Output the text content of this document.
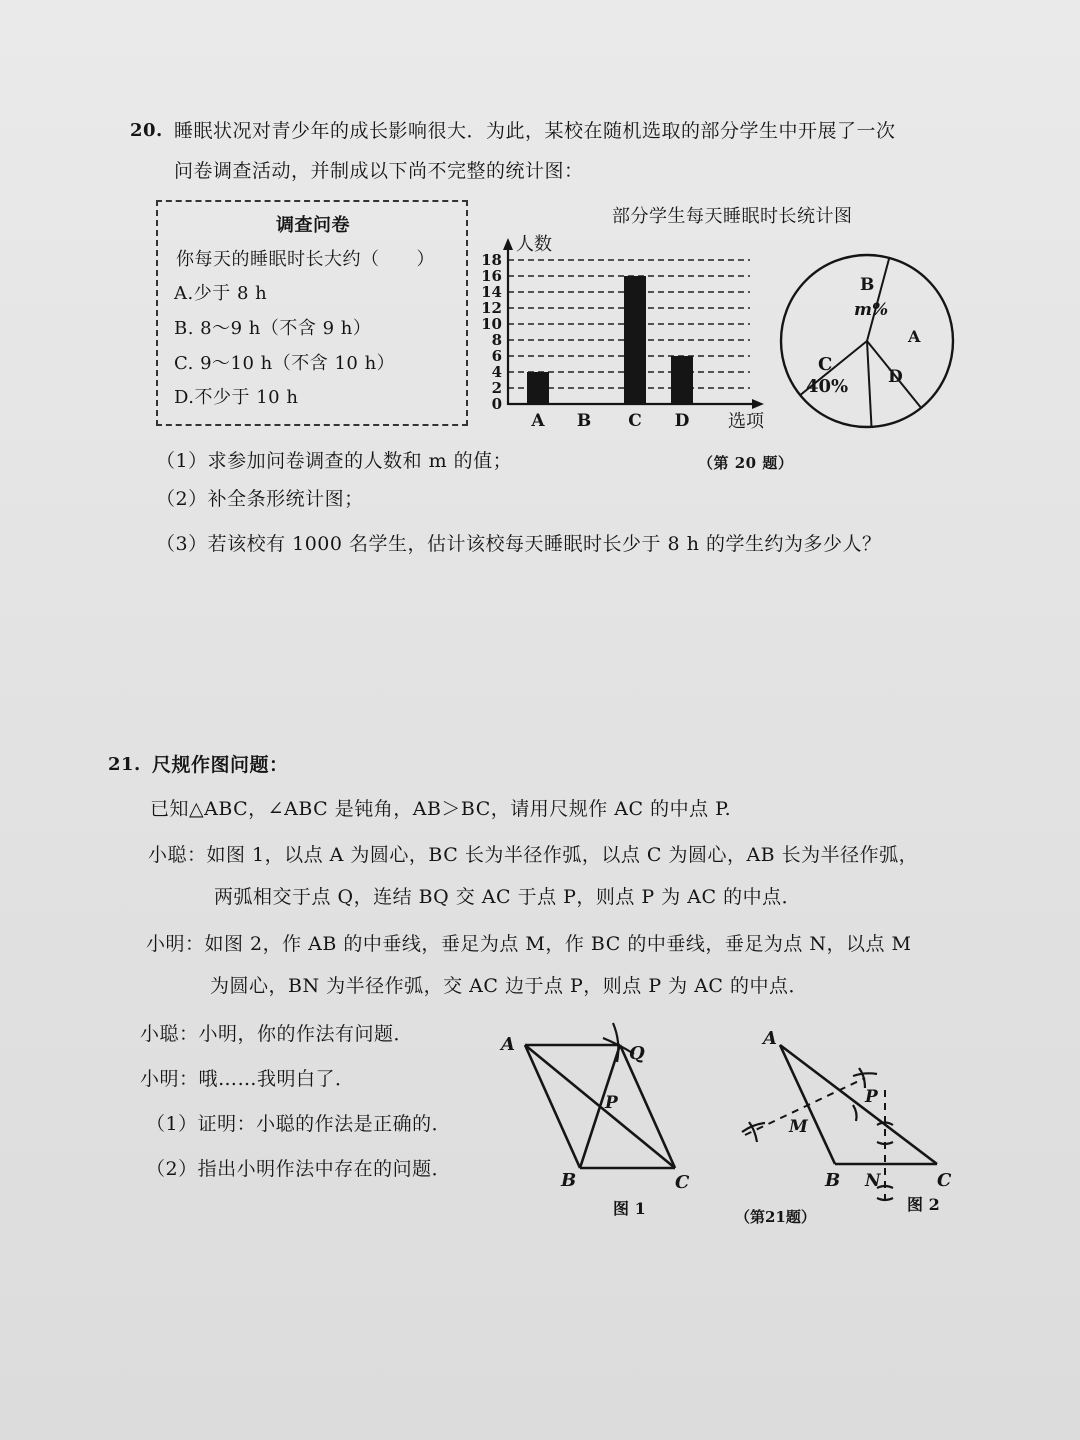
20. 睡眠状况对青少年的成长影响很大．为此，某校在随机选取的部分学生中开展了一次
问卷调查活动，并制成以下尚不完整的统计图：
调查问卷
你每天的睡眠时长大约（　　）
A.少于 8 h
B. 8～9 h（不含 9 h）
C. 9～10 h（不含 10 h）
D.不少于 10 h
部分学生每天睡眠时长统计图
0
2
4
6
8
10
12
14
16
18
A B C D
人数
选项
B
m%
A
D
C
40%
（1）求参加问卷调查的人数和 m 的值；	（第 20 题）
（2）补全条形统计图；
（3）若该校有 1000 名学生，估计该校每天睡眠时长少于 8 h 的学生约为多少人？
21. 尺规作图问题：
已知△ABC，∠ABC 是钝角，AB＞BC，请用尺规作 AC 的中点 P.
小聪：如图 1，以点 A 为圆心，BC 长为半径作弧，以点 C 为圆心，AB 长为半径作弧，
两弧相交于点 Q，连结 BQ 交 AC 于点 P，则点 P 为 AC 的中点．
小明：如图 2，作 AB 的中垂线，垂足为点 M，作 BC 的中垂线，垂足为点 N，以点 M
为圆心，BN 为半径作弧，交 AC 边于点 P，则点 P 为 AC 的中点．
小聪：小明，你的作法有问题．
小明：哦……我明白了．
（1）证明：小聪的作法是正确的．
（2）指出小明作法中存在的问题．
A	Q
P
B	C
图 1
A
P
M
B N	C
图 2
（第21题）
